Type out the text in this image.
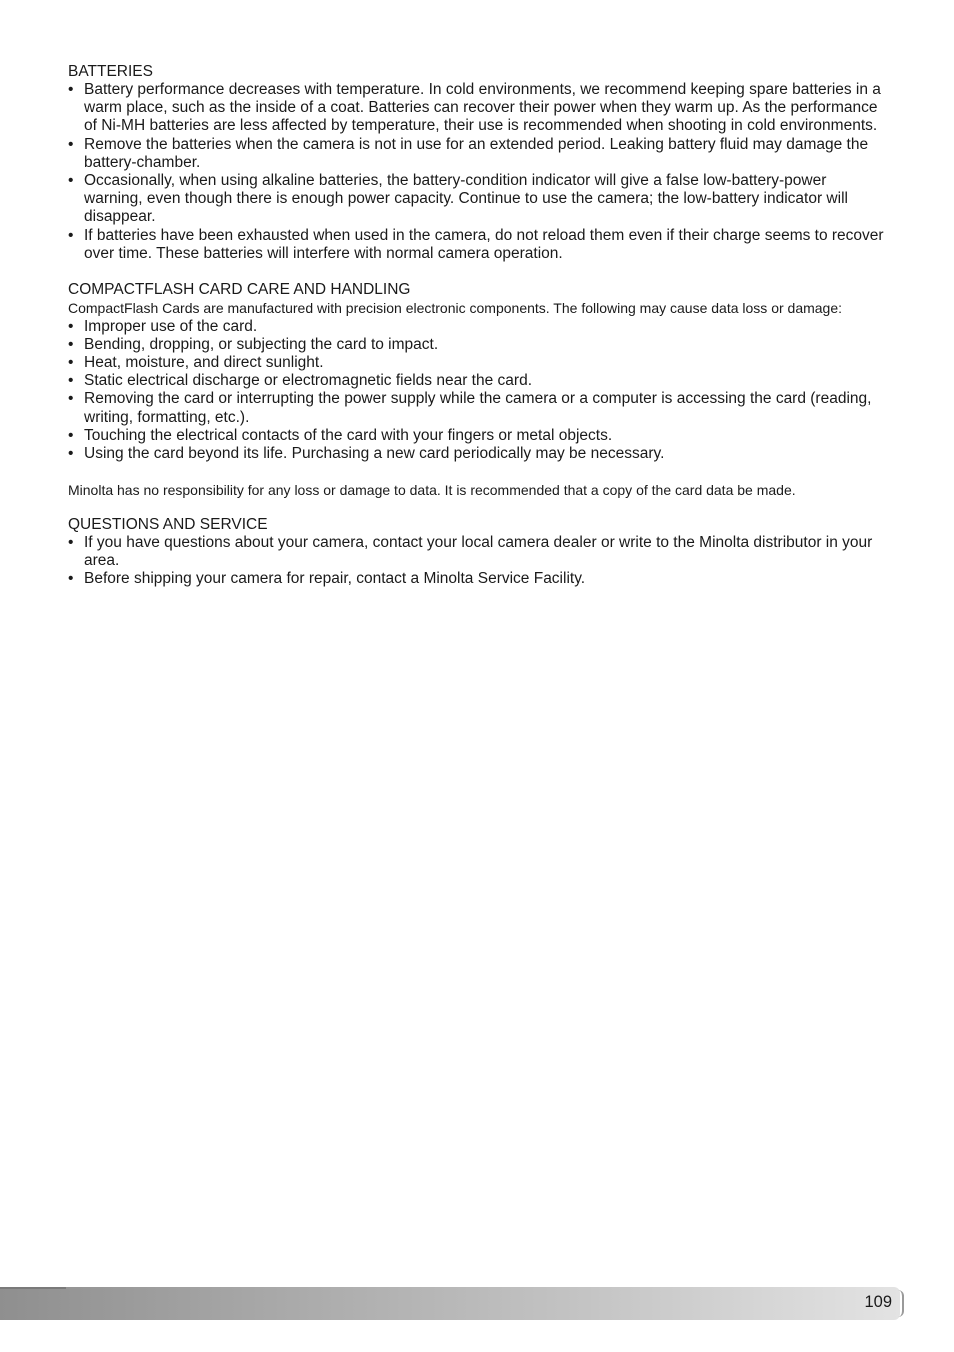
BATTERIES

• Battery performance decreases with temperature. In cold environments, we recommend keeping spare batteries in a warm place, such as the inside of a coat. Batteries can recover their power when they warm up. As the performance of Ni-MH batteries are less affected by temperature, their use is recommended when shooting in cold environments.
• Remove the batteries when the camera is not in use for an extended period. Leaking battery fluid may damage the battery-chamber.
• Occasionally, when using alkaline batteries, the battery-condition indicator will give a false low-battery-power warning, even though there is enough power capacity. Continue to use the camera; the low-battery indicator will disappear.
• If batteries have been exhausted when used in the camera, do not reload them even if their charge seems to recover over time. These batteries will interfere with normal camera operation.

COMPACTFLASH CARD CARE AND HANDLING

CompactFlash Cards are manufactured with precision electronic components. The following may cause data loss or damage:

• Improper use of the card.
• Bending, dropping, or subjecting the card to impact.
• Heat, moisture, and direct sunlight.
• Static electrical discharge or electromagnetic fields near the card.
• Removing the card or interrupting the power supply while the camera or a computer is accessing the card (reading, writing, formatting, etc.).
• Touching the electrical contacts of the card with your fingers or metal objects.
• Using the card beyond its life. Purchasing a new card periodically may be necessary.

Minolta has no responsibility for any loss or damage to data. It is recommended that a copy of the card data be made.

QUESTIONS AND SERVICE

• If you have questions about your camera, contact your local camera dealer or write to the Minolta distributor in your area.
• Before shipping your camera for repair, contact a Minolta Service Facility.
109
